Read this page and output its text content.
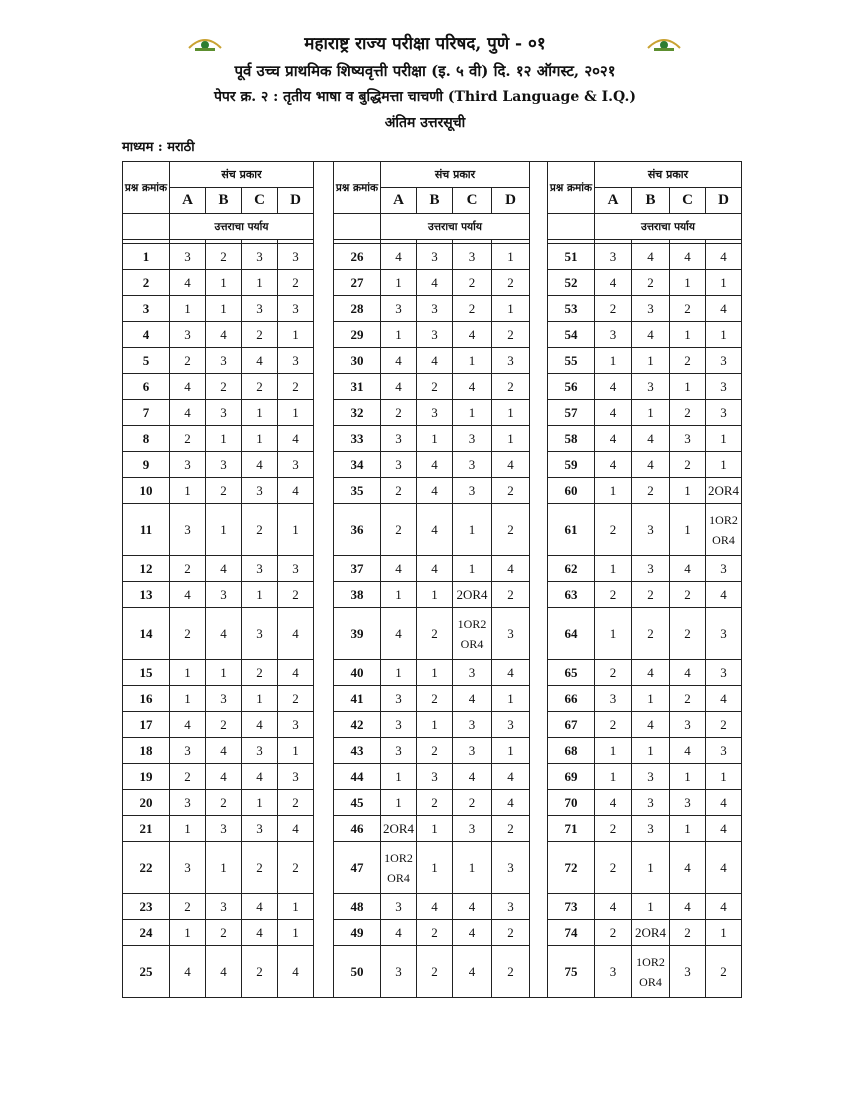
महाराष्ट्र राज्य परीक्षा परिषद, पुणे - ०१
पूर्व उच्च प्राथमिक शिष्यवृत्ती परीक्षा (इ. ५ वी) दि. १२ ऑगस्ट, २०२१
पेपर क्र. २ : तृतीय भाषा व बुद्धिमत्ता चाचणी (Third Language & I.Q.)
अंतिम उत्तरसूची
माध्यम : मराठी
प्रश्न क्रमांक	संच प्रकार					प्रश्न क्रमांक	संच प्रकार					प्रश्न क्रमांक	संच प्रकार			
	A	B	C	D			A	B	C	D			A	B	C	D
	उत्तराचा पर्याय						उत्तराचा पर्याय						उत्तराचा पर्याय			

1	3	2	3	3		26	4	3	3	1		51	3	4	4	4
2	4	1	1	2		27	1	4	2	2		52	4	2	1	1
3	1	1	3	3		28	3	3	2	1		53	2	3	2	4
4	3	4	2	1		29	1	3	4	2		54	3	4	1	1
5	2	3	4	3		30	4	4	1	3		55	1	1	2	3
6	4	2	2	2		31	4	2	4	2		56	4	3	1	3
7	4	3	1	1		32	2	3	1	1		57	4	1	2	3
8	2	1	1	4		33	3	1	3	1		58	4	4	3	1
9	3	3	4	3		34	3	4	3	4		59	4	4	2	1
10	1	2	3	4		35	2	4	3	2		60	1	2	1	2OR4
11	3	1	2	1		36	2	4	1	2		61	2	3	1	1OR2 OR4
12	2	4	3	3		37	4	4	1	4		62	1	3	4	3
13	4	3	1	2		38	1	1	2OR4	2		63	2	2	2	4
14	2	4	3	4		39	4	2	1OR2 OR4	3		64	1	2	2	3
15	1	1	2	4		40	1	1	3	4		65	2	4	4	3
16	1	3	1	2		41	3	2	4	1		66	3	1	2	4
17	4	2	4	3		42	3	1	3	3		67	2	4	3	2
18	3	4	3	1		43	3	2	3	1		68	1	1	4	3
19	2	4	4	3		44	1	3	4	4		69	1	3	1	1
20	3	2	1	2		45	1	2	2	4		70	4	3	3	4
21	1	3	3	4		46	2OR4	1	3	2		71	2	3	1	4
22	3	1	2	2		47	1OR2 OR4	1	1	3		72	2	1	4	4
23	2	3	4	1		48	3	4	4	3		73	4	1	4	4
24	1	2	4	1		49	4	2	4	2		74	2	2OR4	2	1
25	4	4	2	4		50	3	2	4	2		75	3	1OR2 OR4	3	2
